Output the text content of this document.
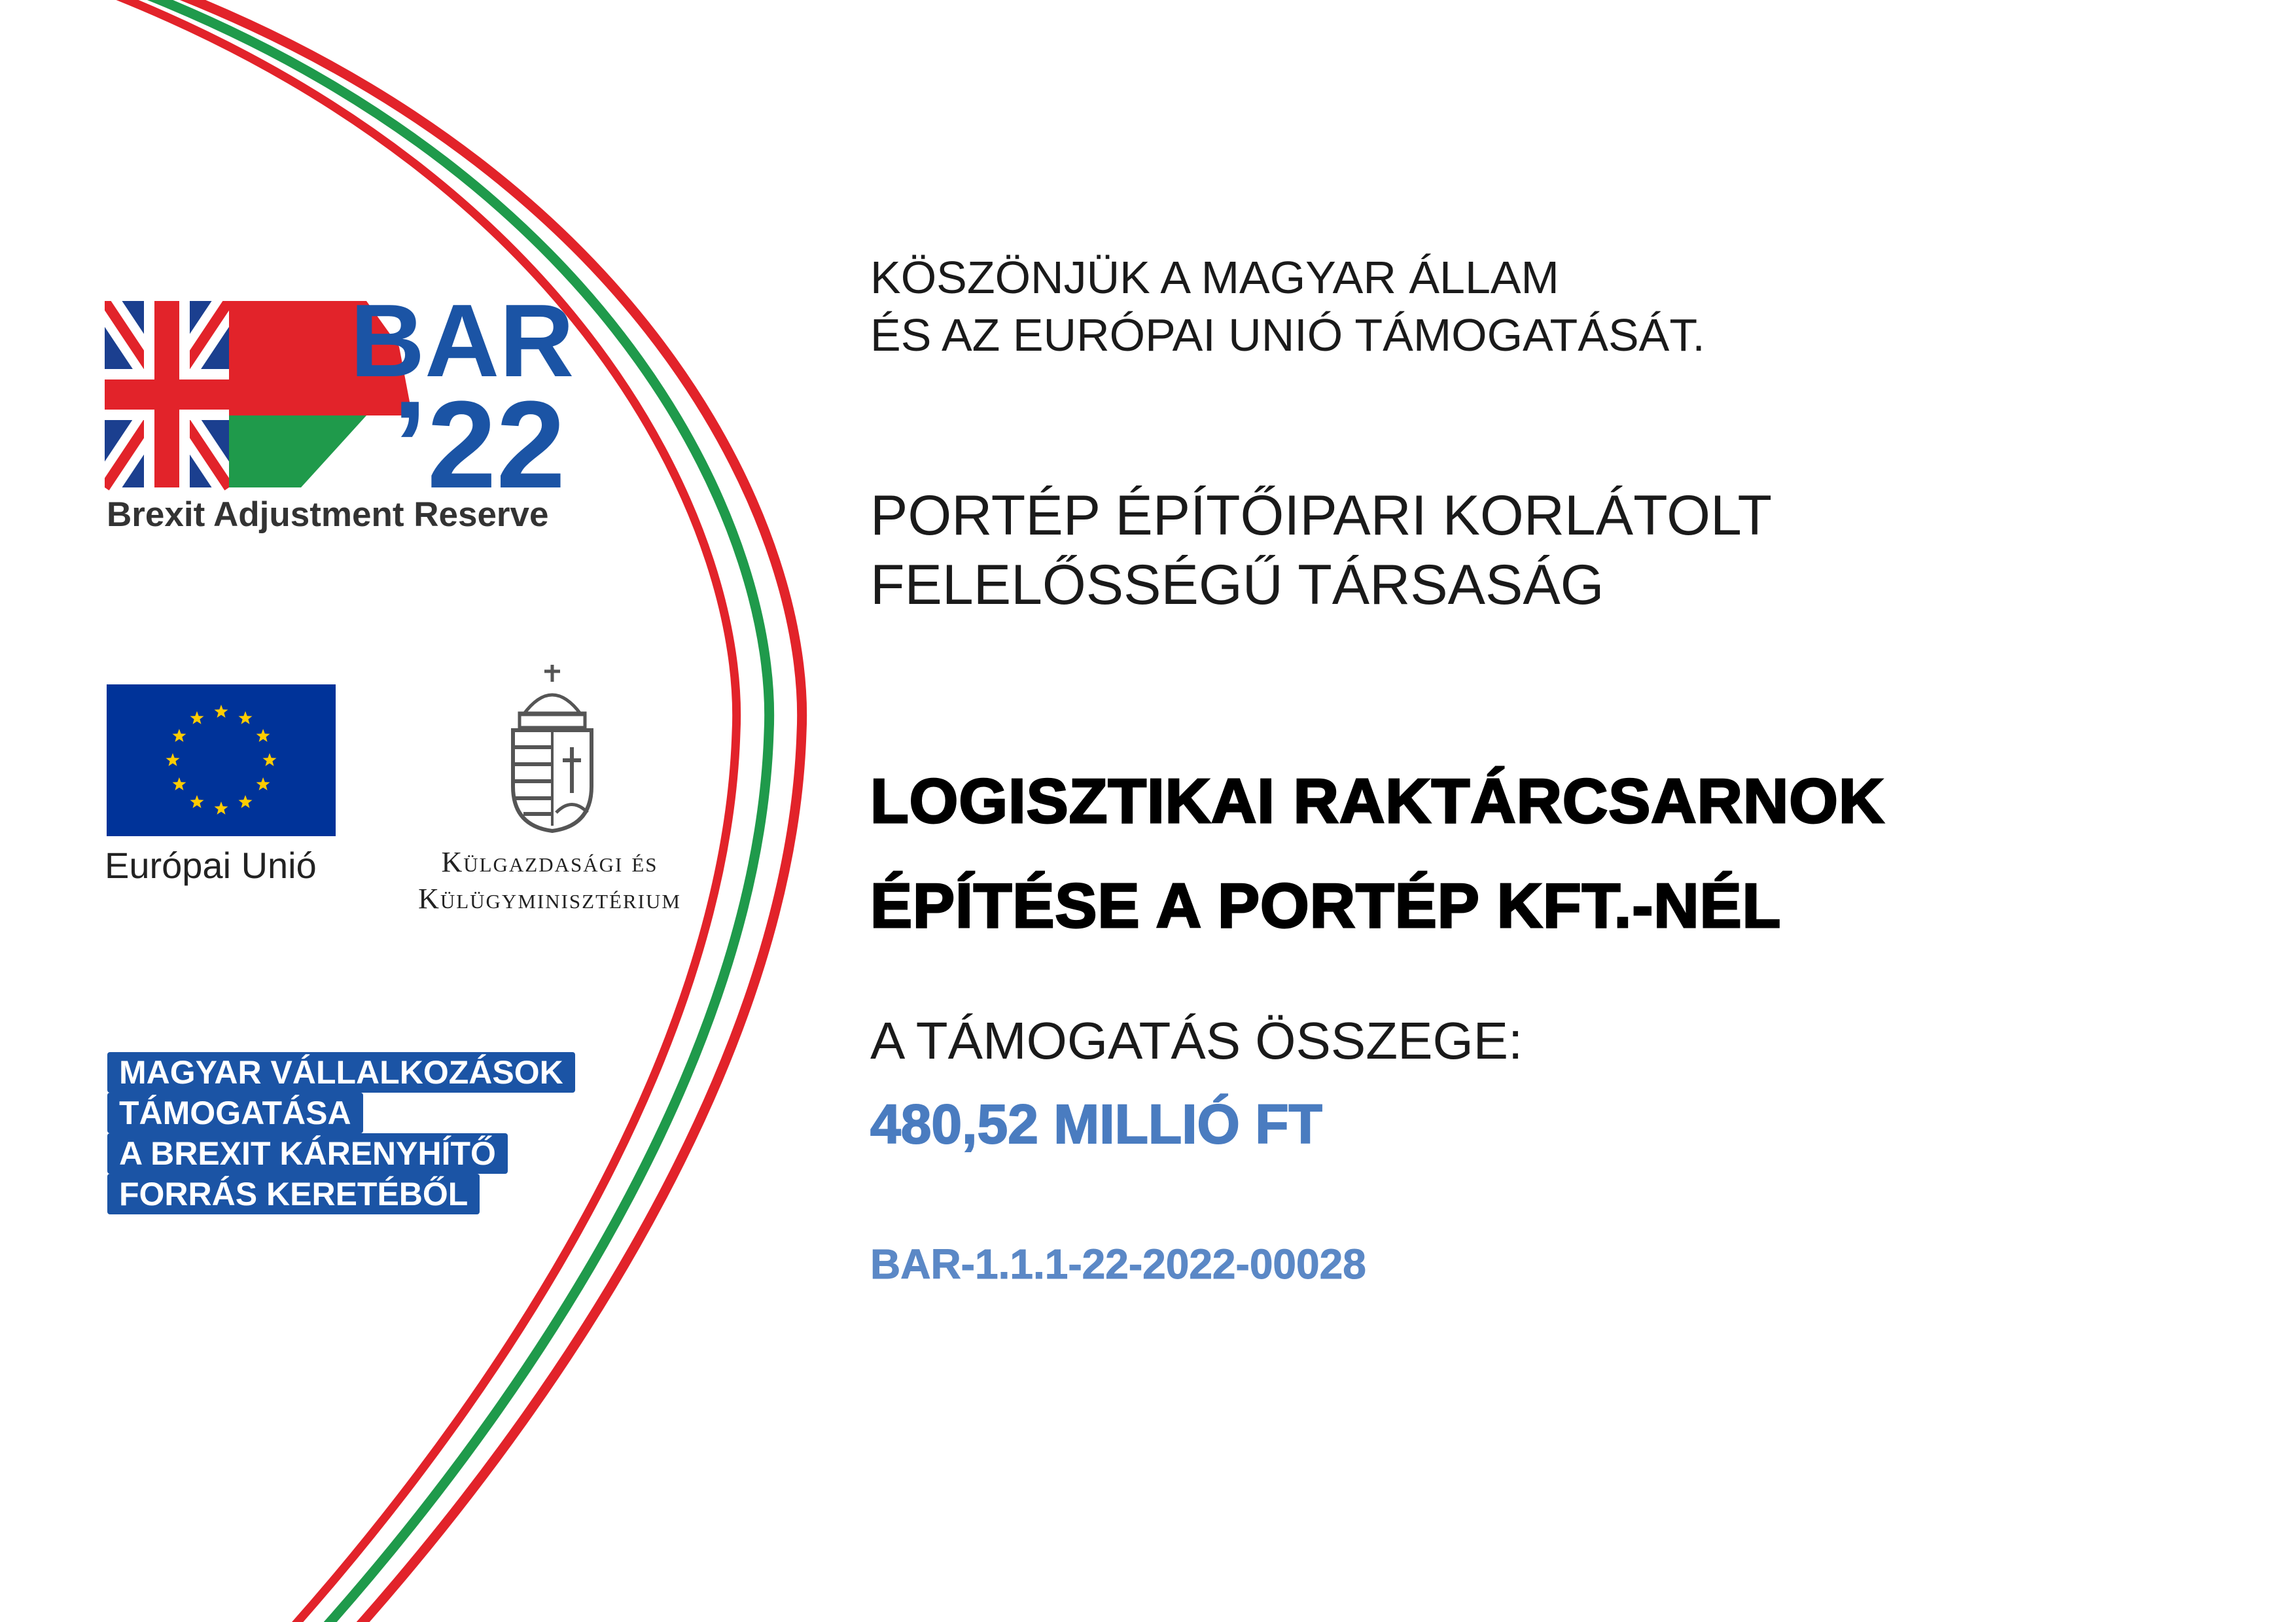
BAR
’22
Brexit Adjustment Reserve
Európai Unió	Külgazdasági és
Külügyminisztérium
MAGYAR VÁLLALKOZÁSOK
TÁMOGATÁSA
A BREXIT KÁRENYHÍTŐ
FORRÁS KERETÉBŐL
KÖSZÖNJÜK A MAGYAR ÁLLAM
ÉS AZ EURÓPAI UNIÓ TÁMOGATÁSÁT.
PORTÉP ÉPÍTŐIPARI KORLÁTOLT
FELELŐSSÉGŰ TÁRSASÁG
LOGISZTIKAI RAKTÁRCSARNOK
ÉPÍTÉSE A PORTÉP KFT.-NÉL
A TÁMOGATÁS ÖSSZEGE:
480,52 MILLIÓ FT
BAR-1.1.1-22-2022-00028
